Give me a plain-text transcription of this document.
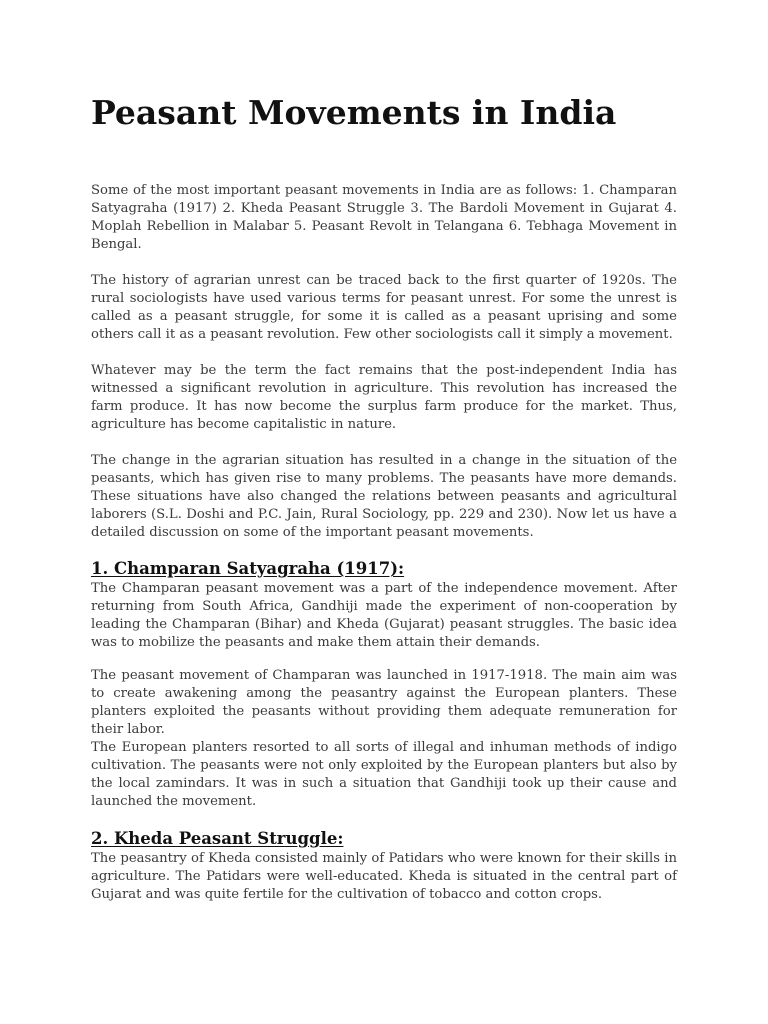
Peasant Movements in India

Some of the most important peasant movements in India are as follows: 1. Champaran Satyagraha (1917) 2. Kheda Peasant Struggle 3. The Bardoli Movement in Gujarat 4. Moplah Rebellion in Malabar 5. Peasant Revolt in Telangana 6. Tebhaga Movement in Bengal.

The history of agrarian unrest can be traced back to the first quarter of 1920s. The rural sociologists have used various terms for peasant unrest. For some the unrest is called as a peasant struggle, for some it is called as a peasant uprising and some others call it as a peasant revolution. Few other sociologists call it simply a movement.

Whatever may be the term the fact remains that the post-independent India has witnessed a significant revolution in agriculture. This revolution has increased the farm produce. It has now become the surplus farm produce for the market. Thus, agriculture has become capitalistic in nature.

The change in the agrarian situation has resulted in a change in the situation of the peasants, which has given rise to many problems. The peasants have more demands. These situations have also changed the relations between peasants and agricultural laborers (S.L. Doshi and P.C. Jain, Rural Sociology, pp. 229 and 230). Now let us have a detailed discussion on some of the important peasant movements.

1. Champaran Satyagraha (1917):

The Champaran peasant movement was a part of the independence movement. After returning from South Africa, Gandhiji made the experiment of non-cooperation by leading the Champaran (Bihar) and Kheda (Gujarat) peasant struggles. The basic idea was to mobilize the peasants and make them attain their demands.

The peasant movement of Champaran was launched in 1917-1918. The main aim was to create awakening among the peasantry against the European planters. These planters exploited the peasants without providing them adequate remuneration for their labor.

The European planters resorted to all sorts of illegal and inhuman methods of indigo cultivation. The peasants were not only exploited by the European planters but also by the local zamindars. It was in such a situation that Gandhiji took up their cause and launched the movement.

2. Kheda Peasant Struggle:

The peasantry of Kheda consisted mainly of Patidars who were known for their skills in agriculture. The Patidars were well-educated. Kheda is situated in the central part of Gujarat and was quite fertile for the cultivation of tobacco and cotton crops.
